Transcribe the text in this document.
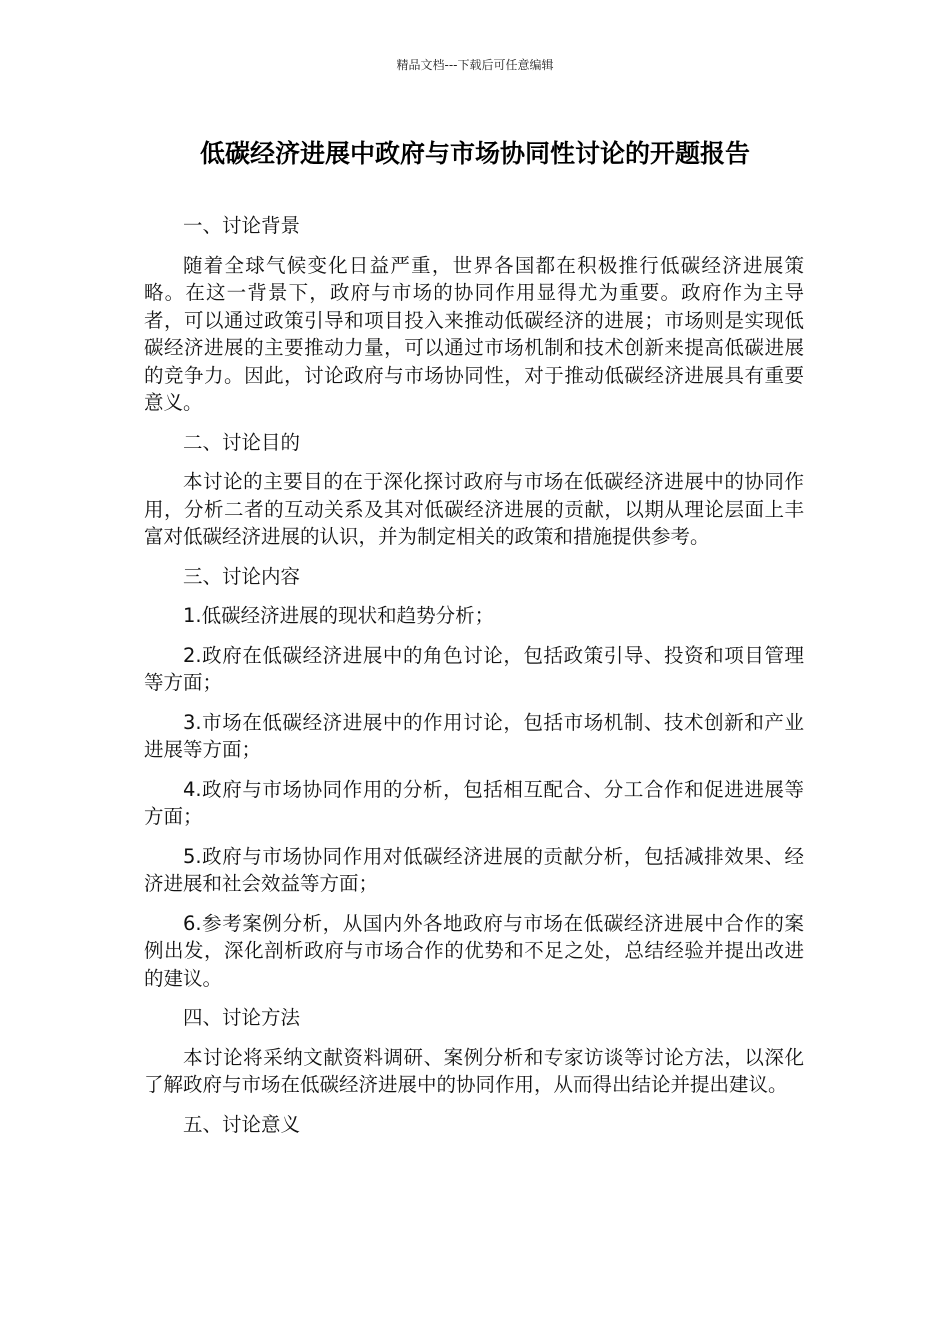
精品文档---下载后可任意编辑
低碳经济进展中政府与市场协同性讨论的开题报告
一、讨论背景
随着全球气候变化日益严重，世界各国都在积极推行低碳经济进展策略。在这一背景下，政府与市场的协同作用显得尤为重要。政府作为主导者，可以通过政策引导和项目投入来推动低碳经济的进展；市场则是实现低碳经济进展的主要推动力量，可以通过市场机制和技术创新来提高低碳进展的竞争力。因此，讨论政府与市场协同性，对于推动低碳经济进展具有重要意义。
二、讨论目的
本讨论的主要目的在于深化探讨政府与市场在低碳经济进展中的协同作用，分析二者的互动关系及其对低碳经济进展的贡献，以期从理论层面上丰富对低碳经济进展的认识，并为制定相关的政策和措施提供参考。
三、讨论内容
1.低碳经济进展的现状和趋势分析；
2.政府在低碳经济进展中的角色讨论，包括政策引导、投资和项目管理等方面；
3.市场在低碳经济进展中的作用讨论，包括市场机制、技术创新和产业进展等方面；
4.政府与市场协同作用的分析，包括相互配合、分工合作和促进进展等方面；
5.政府与市场协同作用对低碳经济进展的贡献分析，包括减排效果、经济进展和社会效益等方面；
6.参考案例分析，从国内外各地政府与市场在低碳经济进展中合作的案例出发，深化剖析政府与市场合作的优势和不足之处，总结经验并提出改进的建议。
四、讨论方法
本讨论将采纳文献资料调研、案例分析和专家访谈等讨论方法，以深化了解政府与市场在低碳经济进展中的协同作用，从而得出结论并提出建议。
五、讨论意义
